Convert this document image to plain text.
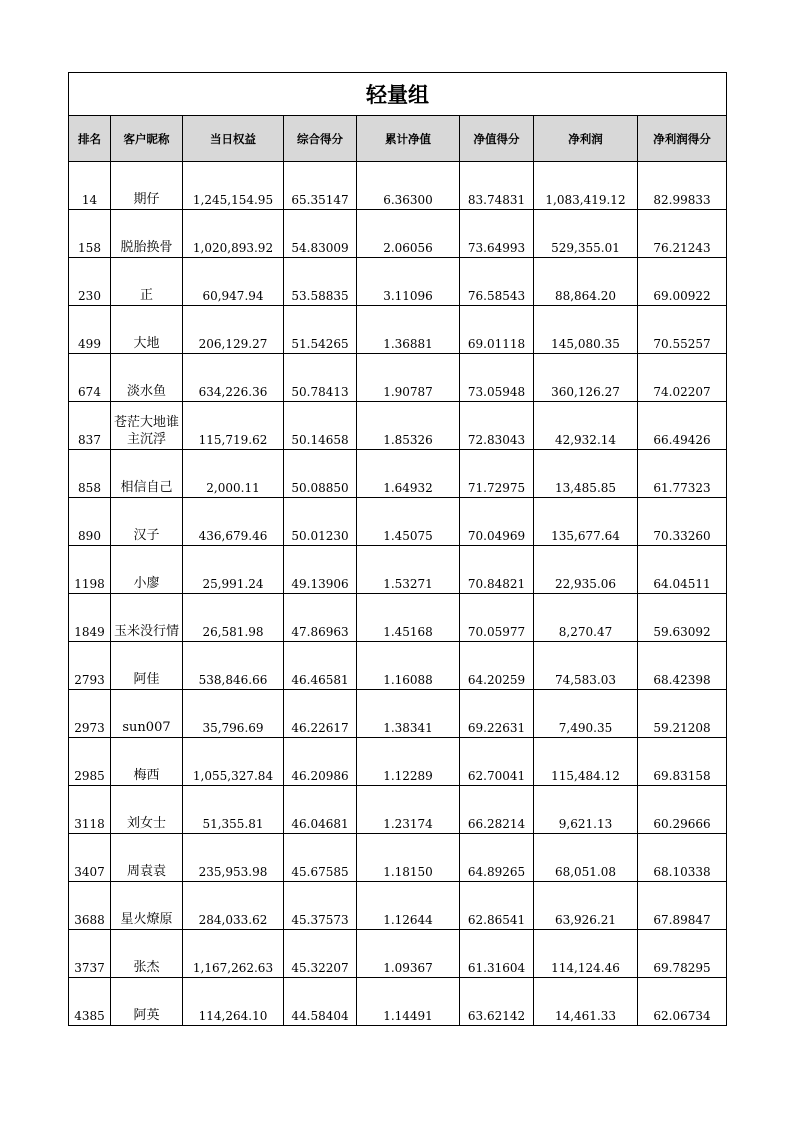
轻量组							
排名	客户昵称	当日权益	综合得分	累计净值	净值得分	净利润	净利润得分
14	期仔	1,245,154.95	65.35147	6.36300	83.74831	1,083,419.12	82.99833
158	脱胎换骨	1,020,893.92	54.83009	2.06056	73.64993	529,355.01	76.21243
230	正	60,947.94	53.58835	3.11096	76.58543	88,864.20	69.00922
499	大地	206,129.27	51.54265	1.36881	69.01118	145,080.35	70.55257
674	淡水鱼	634,226.36	50.78413	1.90787	73.05948	360,126.27	74.02207
837	苍茫大地谁主沉浮	115,719.62	50.14658	1.85326	72.83043	42,932.14	66.49426
858	相信自己	2,000.11	50.08850	1.64932	71.72975	13,485.85	61.77323
890	汉子	436,679.46	50.01230	1.45075	70.04969	135,677.64	70.33260
1198	小廖	25,991.24	49.13906	1.53271	70.84821	22,935.06	64.04511
1849	玉米没行情	26,581.98	47.86963	1.45168	70.05977	8,270.47	59.63092
2793	阿佳	538,846.66	46.46581	1.16088	64.20259	74,583.03	68.42398
2973	sun007	35,796.69	46.22617	1.38341	69.22631	7,490.35	59.21208
2985	梅西	1,055,327.84	46.20986	1.12289	62.70041	115,484.12	69.83158
3118	刘女士	51,355.81	46.04681	1.23174	66.28214	9,621.13	60.29666
3407	周袁袁	235,953.98	45.67585	1.18150	64.89265	68,051.08	68.10338
3688	星火燎原	284,033.62	45.37573	1.12644	62.86541	63,926.21	67.89847
3737	张杰	1,167,262.63	45.32207	1.09367	61.31604	114,124.46	69.78295
4385	阿英	114,264.10	44.58404	1.14491	63.62142	14,461.33	62.06734
